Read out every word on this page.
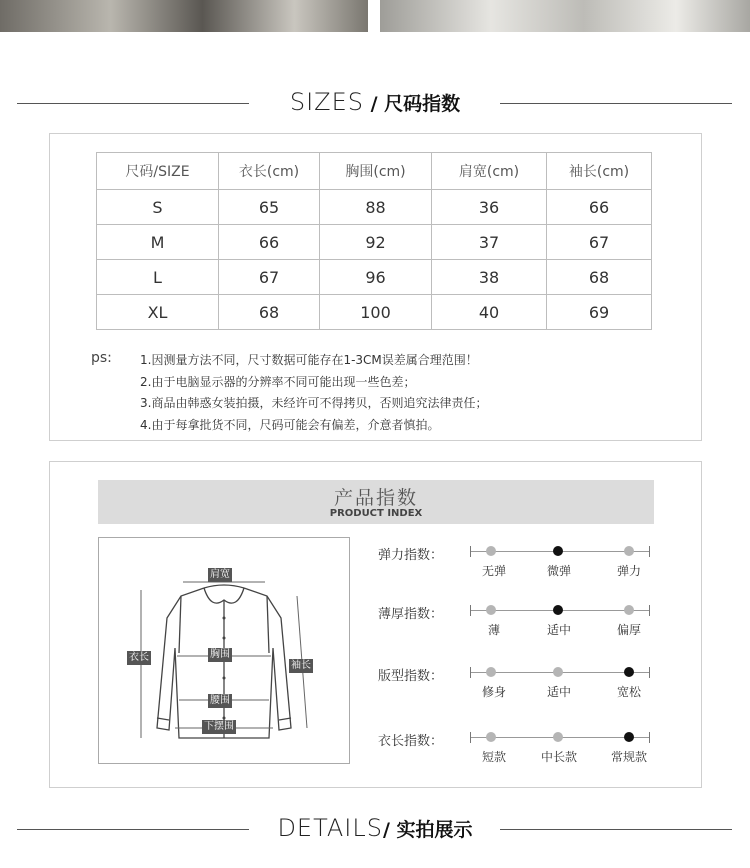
SIZES / 尺码指数
尺码/SIZE	衣长(cm)	胸围(cm)	肩宽(cm)	袖长(cm)
S	65	88	36	66
M	66	92	37	67
L	67	96	38	68
XL	68	100	40	69
ps: 1.因测量方法不同，尺寸数据可能存在1-3CM误差属合理范围！
2.由于电脑显示器的分辨率不同可能出现一些色差；
3.商品由韩惑女装拍摄，未经许可不得拷贝，否则追究法律责任；
4.由于每拿批货不同，尺码可能会有偏差，介意者慎拍。
产品指数
PRODUCT INDEX
肩宽
衣长	胸围
袖长
腰围
下摆围
弹力指数：
无弹	微弹	弹力
薄厚指数：
薄	适中	偏厚
版型指数：
修身	适中	宽松
衣长指数：
短款	中长款	常规款
DETAILS/ 实拍展示
